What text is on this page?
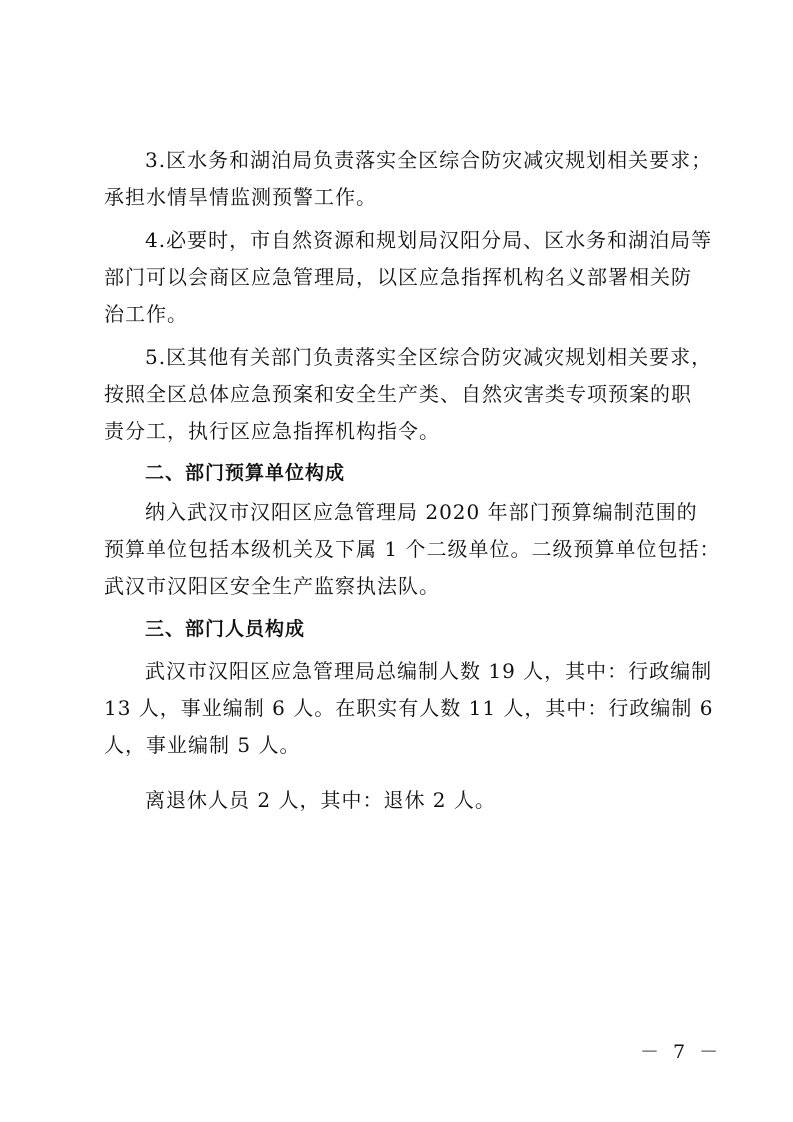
3.区水务和湖泊局负责落实全区综合防灾减灾规划相关要求；
承担水情旱情监测预警工作。
4.必要时，市自然资源和规划局汉阳分局、区水务和湖泊局等
部门可以会商区应急管理局，以区应急指挥机构名义部署相关防
治工作。
5.区其他有关部门负责落实全区综合防灾减灾规划相关要求，
按照全区总体应急预案和安全生产类、自然灾害类专项预案的职
责分工，执行区应急指挥机构指令。
二、部门预算单位构成
纳入武汉市汉阳区应急管理局 2020 年部门预算编制范围的
预算单位包括本级机关及下属 1 个二级单位。二级预算单位包括：
武汉市汉阳区安全生产监察执法队。
三、部门人员构成
武汉市汉阳区应急管理局总编制人数 19 人，其中：行政编制
13 人，事业编制 6 人。在职实有人数 11 人，其中：行政编制 6
人，事业编制 5 人。
离退休人员 2 人，其中：退休 2 人。
－ 7 －
